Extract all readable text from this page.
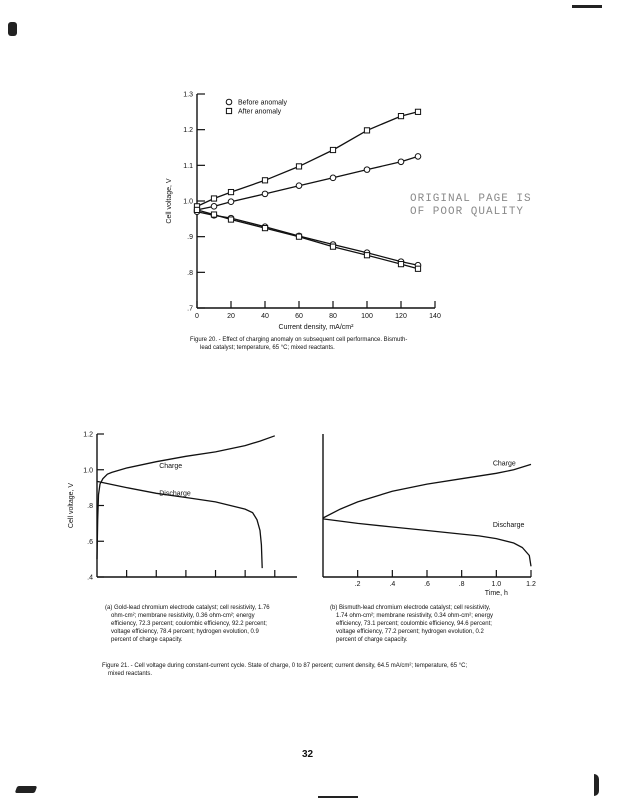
.7
.8
.9
1.0
1.1
1.2
1.3
0	20	40	60	80	100	120	140
Current density, mA/cm²
Cell voltage, V
Before anomaly
After anomaly
.4
.6
.8
1.0
1.2
Cell voltage, V
Charge
Discharge
.2	.4	.6	.8	1.0	1.2
Time, h
Charge
Discharge
ORIGINAL PAGE IS
OF POOR QUALITY
Figure 20. - Effect of charging anomaly on subsequent cell performance. Bismuth-
lead catalyst; temperature, 65 °C; mixed reactants.
(a) Gold-lead chromium electrode catalyst; cell resistivity, 1.76
ohm-cm²; membrane resistivity, 0.36 ohm-cm²; energy
efficiency, 72.3 percent; coulombic efficiency, 92.2 percent;
voltage efficiency, 78.4 percent; hydrogen evolution, 0.9
percent of charge capacity.
(b) Bismuth-lead chromium electrode catalyst; cell resistivity,
1.74 ohm-cm²; membrane resistivity, 0.34 ohm-cm²; energy
efficiency, 73.1 percent; coulombic efficiency, 94.6 percent;
voltage efficiency, 77.2 percent; hydrogen evolution, 0.2
percent of charge capacity.
Figure 21. - Cell voltage during constant-current cycle. State of charge, 0 to 87 percent; current density, 64.5 mA/cm²; temperature, 65 °C;
mixed reactants.
32
